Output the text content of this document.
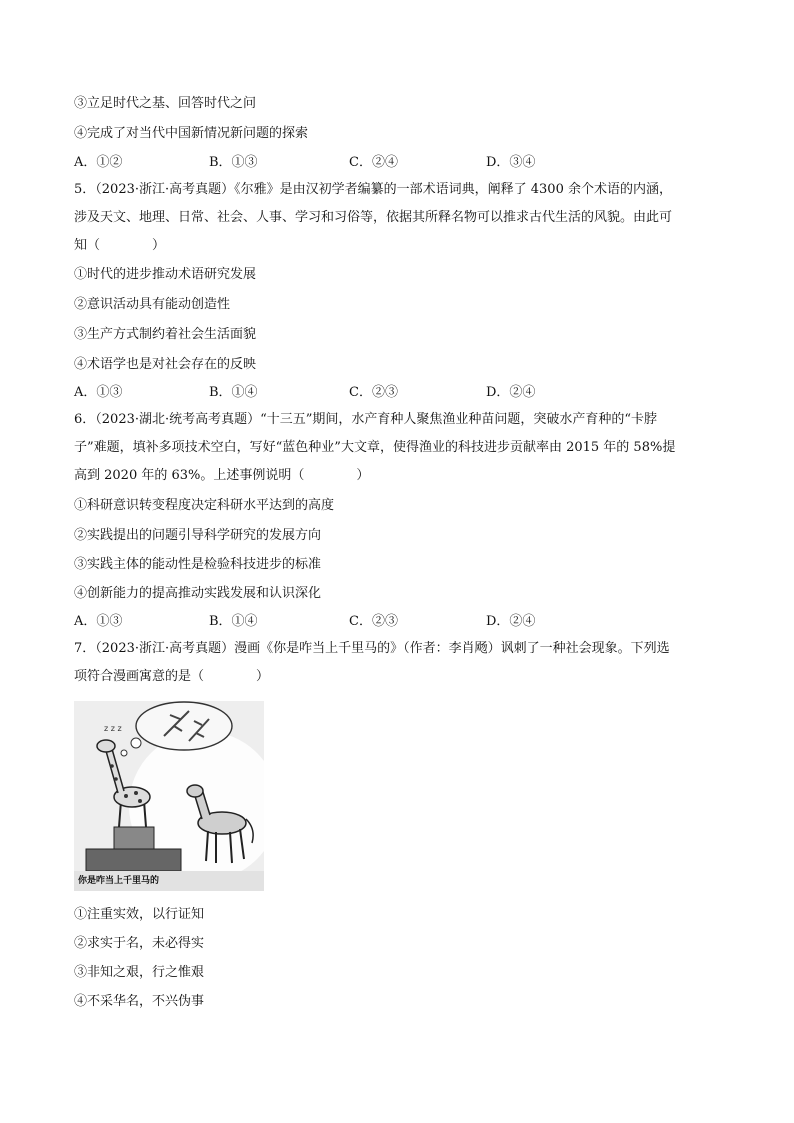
③立足时代之基、回答时代之问
④完成了对当代中国新情况新问题的探索
A．①②	B．①③	C．②④	D．③④
5．（2023·浙江·高考真题）《尔雅》是由汉初学者编纂的一部术语词典，阐释了 4300 余个术语的内涵，
涉及天文、地理、日常、社会、人事、学习和习俗等，依据其所释名物可以推求古代生活的风貌。由此可
知（　　　　）
①时代的进步推动术语研究发展
②意识活动具有能动创造性
③生产方式制约着社会生活面貌
④术语学也是对社会存在的反映
A．①③	B．①④	C．②③	D．②④
6．（2023·湖北·统考高考真题）“十三五”期间，水产育种人聚焦渔业种苗问题，突破水产育种的“卡脖
子”难题，填补多项技术空白，写好“蓝色种业”大文章，使得渔业的科技进步贡献率由 2015 年的 58%提
高到 2020 年的 63%。上述事例说明（　　　　）
①科研意识转变程度决定科研水平达到的高度
②实践提出的问题引导科学研究的发展方向
③实践主体的能动性是检验科技进步的标准
④创新能力的提高推动实践发展和认识深化
A．①③	B．①④	C．②③	D．②④
7．（2023·浙江·高考真题）漫画《你是咋当上千里马的》（作者：李肖飏）讽刺了一种社会现象。下列选
项符合漫画寓意的是（　　　　）
z z z
你是咋当上千里马的
①注重实效，以行证知
②求实于名，未必得实
③非知之艰，行之惟艰
④不采华名，不兴伪事
